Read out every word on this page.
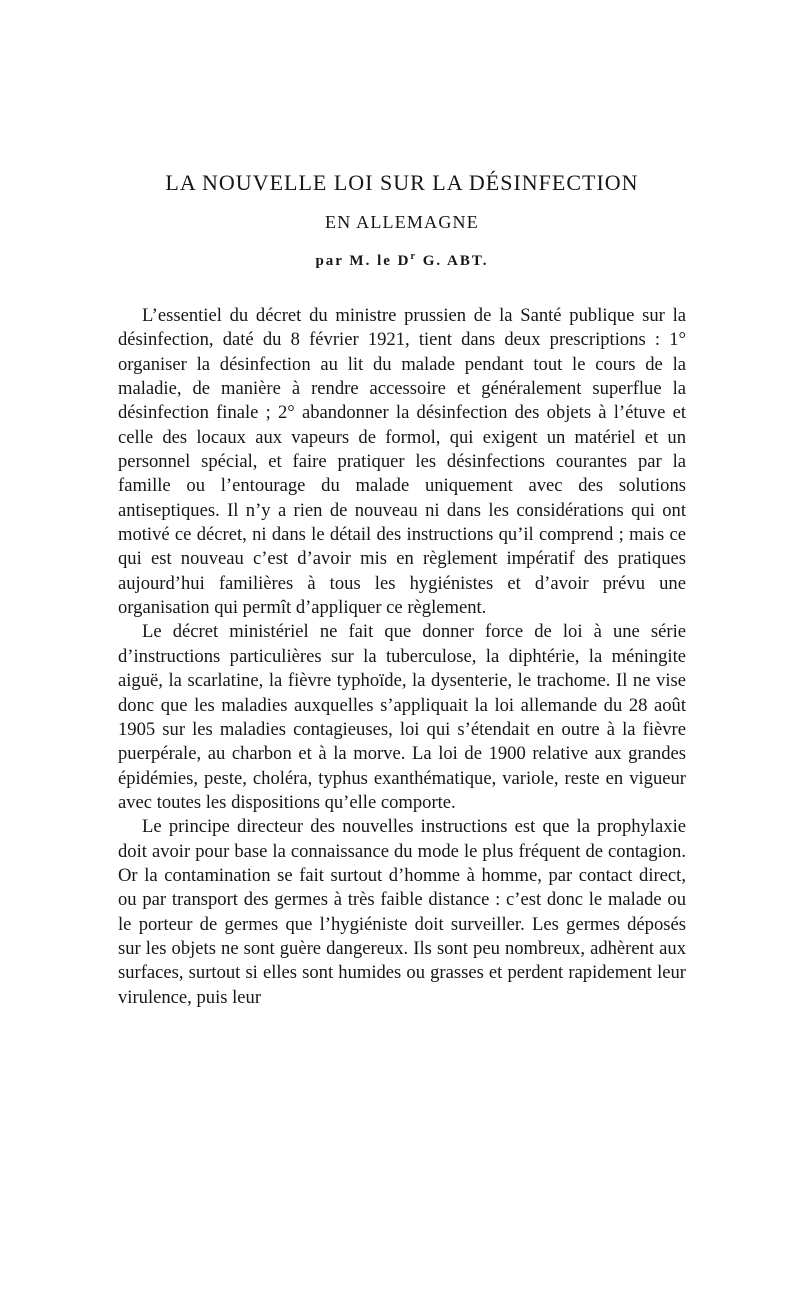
LA NOUVELLE LOI SUR LA DÉSINFECTION
EN ALLEMAGNE
par M. le $D^r$ G. ABT.

L’essentiel du décret du ministre prussien de la Santé publique sur la désinfection, daté du 8 février 1921, tient dans deux prescriptions : 1° organiser la désinfection au lit du malade pendant tout le cours de la maladie, de manière à rendre accessoire et généralement superflue la désinfection finale ; 2° abandonner la désinfection des objets à l’étuve et celle des locaux aux vapeurs de formol, qui exigent un matériel et un personnel spécial, et faire pratiquer les désinfections courantes par la famille ou l’entourage du malade uniquement avec des solutions antiseptiques. Il n’y a rien de nouveau ni dans les considérations qui ont motivé ce décret, ni dans le détail des instructions qu’il comprend ; mais ce qui est nouveau c’est d’avoir mis en règlement impératif des pratiques aujourd’hui familières à tous les hygiénistes et d’avoir prévu une organisation qui permît d’appliquer ce règlement.

Le décret ministériel ne fait que donner force de loi à une série d’instructions particulières sur la tuberculose, la diphtérie, la méningite aiguë, la scarlatine, la fièvre typhoïde, la dysenterie, le trachome. Il ne vise donc que les maladies auxquelles s’appliquait la loi allemande du 28 août 1905 sur les maladies contagieuses, loi qui s’étendait en outre à la fièvre puerpérale, au charbon et à la morve. La loi de 1900 relative aux grandes épidémies, peste, choléra, typhus exanthématique, variole, reste en vigueur avec toutes les dispositions qu’elle comporte.

Le principe directeur des nouvelles instructions est que la prophylaxie doit avoir pour base la connaissance du mode le plus fréquent de contagion. Or la contamination se fait surtout d’homme à homme, par contact direct, ou par transport des germes à très faible distance : c’est donc le malade ou le porteur de germes que l’hygiéniste doit surveiller. Les germes déposés sur les objets ne sont guère dangereux. Ils sont peu nombreux, adhèrent aux surfaces, surtout si elles sont humides ou grasses et perdent rapidement leur virulence, puis leur
